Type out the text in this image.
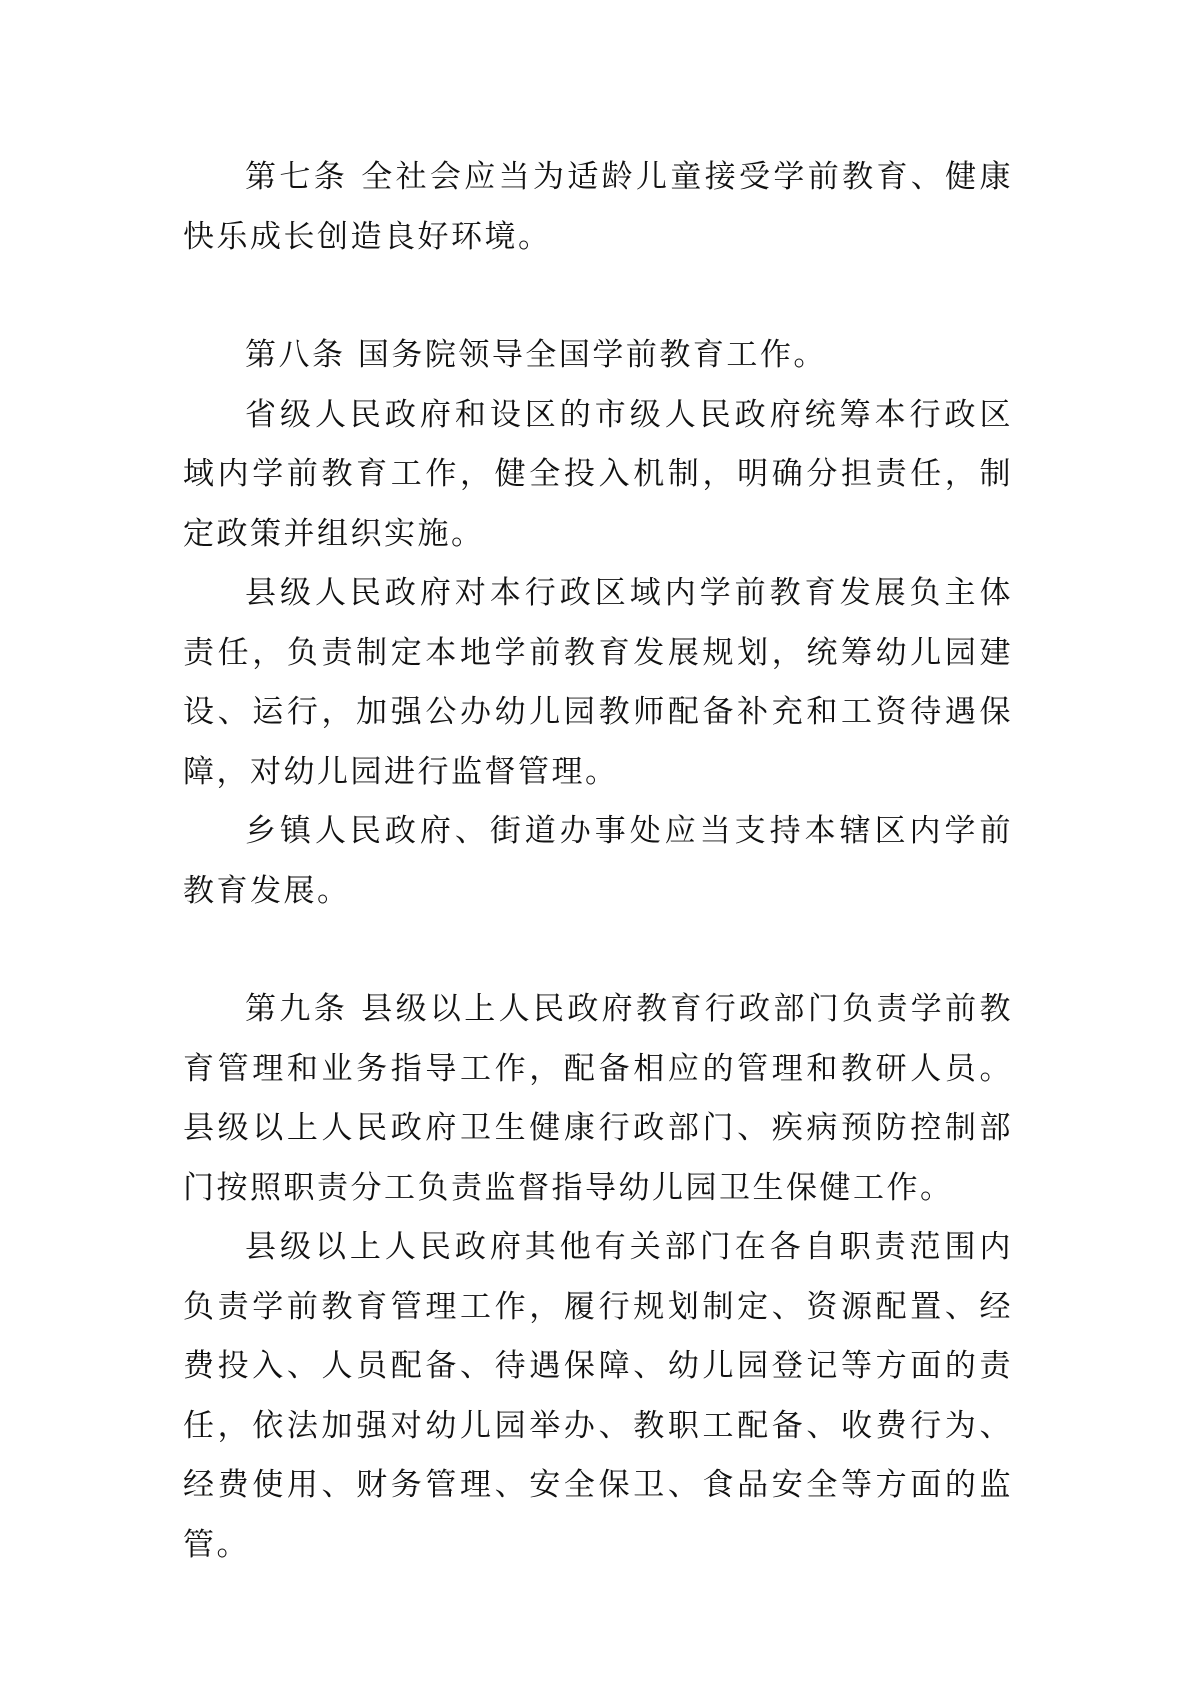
第七条 全社会应当为适龄儿童接受学前教育、健康快乐成长创造良好环境。

第八条 国务院领导全国学前教育工作。

省级人民政府和设区的市级人民政府统筹本行政区域内学前教育工作，健全投入机制，明确分担责任，制定政策并组织实施。

县级人民政府对本行政区域内学前教育发展负主体责任，负责制定本地学前教育发展规划，统筹幼儿园建设、运行，加强公办幼儿园教师配备补充和工资待遇保障，对幼儿园进行监督管理。

乡镇人民政府、街道办事处应当支持本辖区内学前教育发展。

第九条 县级以上人民政府教育行政部门负责学前教育管理和业务指导工作，配备相应的管理和教研人员。县级以上人民政府卫生健康行政部门、疾病预防控制部门按照职责分工负责监督指导幼儿园卫生保健工作。

县级以上人民政府其他有关部门在各自职责范围内负责学前教育管理工作，履行规划制定、资源配置、经费投入、人员配备、待遇保障、幼儿园登记等方面的责任，依法加强对幼儿园举办、教职工配备、收费行为、经费使用、财务管理、安全保卫、食品安全等方面的监管。
